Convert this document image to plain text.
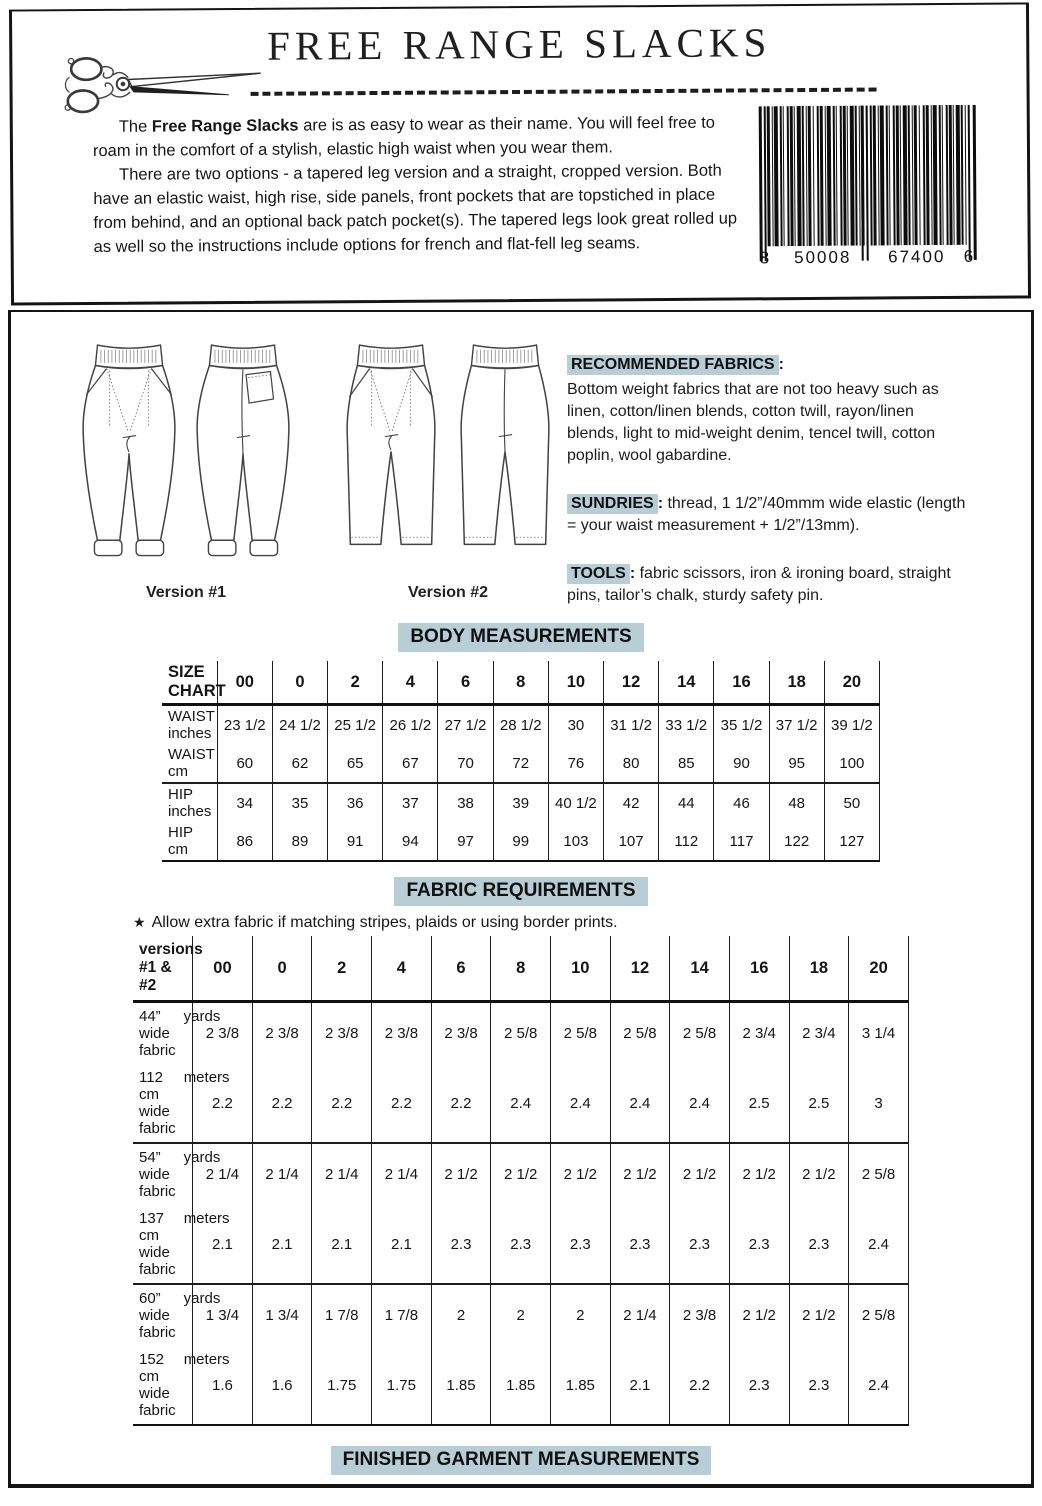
FREE RANGE SLACKS

The Free Range Slacks are is as easy to wear as their name. You will feel free to roam in the comfort of a stylish, elastic high waist when you wear them.

There are two options - a tapered leg version and a straight, cropped version. Both have an elastic waist, high rise, side panels, front pockets that are topstiched in place from behind, and an optional back patch pocket(s). The tapered legs look great rolled up as well so the instructions include options for french and flat-fell leg seams.

8	50008	67400	6
Version #1	Version #2
RECOMMENDED FABRICS :
Bottom weight fabrics that are not too heavy such as linen, cotton/linen blends, cotton twill, rayon/linen blends, light to mid-weight denim, tencel twill, cotton poplin, wool gabardine.
SUNDRIES : thread, 1 1/2”/40mmm wide elastic (length = your waist measurement + 1/2”/13mm).
TOOLS : fabric scissors, iron & ironing board, straight pins, tailor’s chalk, sturdy safety pin.
BODY MEASUREMENTS
SIZE CHART	00	0	2	4	6	8	10	12	14	16	18	20

WAIST inches	23 1/2	24 1/2	25 1/2	26 1/2	27 1/2	28 1/2	30	31 1/2	33 1/2	35 1/2	37 1/2	39 1/2

WAIST cm	60	62	65	67	70	72	76	80	85	90	95	100

HIP inches	34	35	36	37	38	39	40 1/2	42	44	46	48	50

HIP cm	86	89	91	94	97	99	103	107	112	117	122	127
FABRIC REQUIREMENTS
★ Allow extra fabric if matching stripes, plaids or using border prints.
versions #1 & #2	00	0	2	4	6	8	10	12	14	16	18	20

44” wide fabric
yards	2 3/8	2 3/8	2 3/8	2 3/8	2 3/8	2 5/8	2 5/8	2 5/8	2 5/8	2 3/4	2 3/4	3 1/4

112 cm wide fabric
meters	2.2	2.2	2.2	2.2	2.2	2.4	2.4	2.4	2.4	2.5	2.5	3

54” wide fabric
yards	2 1/4	2 1/4	2 1/4	2 1/4	2 1/2	2 1/2	2 1/2	2 1/2	2 1/2	2 1/2	2 1/2	2 5/8

137 cm wide fabric
meters	2.1	2.1	2.1	2.1	2.3	2.3	2.3	2.3	2.3	2.3	2.3	2.4

60” wide fabric
yards	1 3/4	1 3/4	1 7/8	1 7/8	2	2	2	2 1/4	2 3/8	2 1/2	2 1/2	2 5/8

152 cm wide fabric
meters	1.6	1.6	1.75	1.75	1.85	1.85	1.85	2.1	2.2	2.3	2.3	2.4
FINISHED GARMENT MEASUREMENTS
